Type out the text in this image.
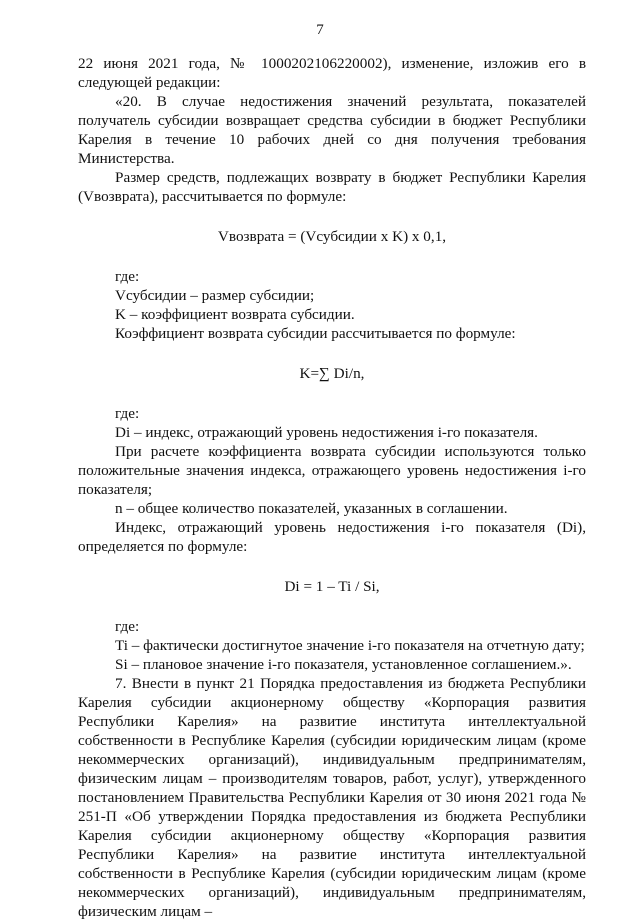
7

22 июня 2021 года, № 1000202106220002), изменение, изложив его в следующей редакции:

«20. В случае недостижения значений результата, показателей получатель субсидии возвращает средства субсидии в бюджет Республики Карелия в течение 10 рабочих дней со дня получения требования Министерства.

Размер средств, подлежащих возврату в бюджет Республики Карелия (Vвозврата), рассчитывается по формуле:

Vвозврата = (Vсубсидии x K) x 0,1,

где:

Vсубсидии – размер субсидии;

K – коэффициент возврата субсидии.

Коэффициент возврата субсидии рассчитывается по формуле:

K=∑ Di/n,

где:

Di – индекс, отражающий уровень недостижения i-го показателя.

При расчете коэффициента возврата субсидии используются только положительные значения индекса, отражающего уровень недостижения i-го показателя;

n – общее количество показателей, указанных в соглашении.

Индекс, отражающий уровень недостижения i-го показателя (Di), определяется по формуле:

Di = 1 – Ti / Si,

где:

Ti – фактически достигнутое значение i-го показателя на отчетную дату;

Si – плановое значение i-го показателя, установленное соглашением.».

7. Внести в пункт 21 Порядка предоставления из бюджета Республики Карелия субсидии акционерному обществу «Корпорация развития Республики Карелия» на развитие института интеллектуальной собственности в Республике Карелия (субсидии юридическим лицам (кроме некоммерческих организаций), индивидуальным предпринимателям, физическим лицам – производителям товаров, работ, услуг), утвержденного постановлением Правительства Республики Карелия от 30 июня 2021 года № 251-П «Об утверждении Порядка предоставления из бюджета Республики Карелия субсидии акционерному обществу «Корпорация развития Республики Карелия» на развитие института интеллектуальной собственности в Республике Карелия (субсидии юридическим лицам (кроме некоммерческих организаций), индивидуальным предпринимателям, физическим лицам –
